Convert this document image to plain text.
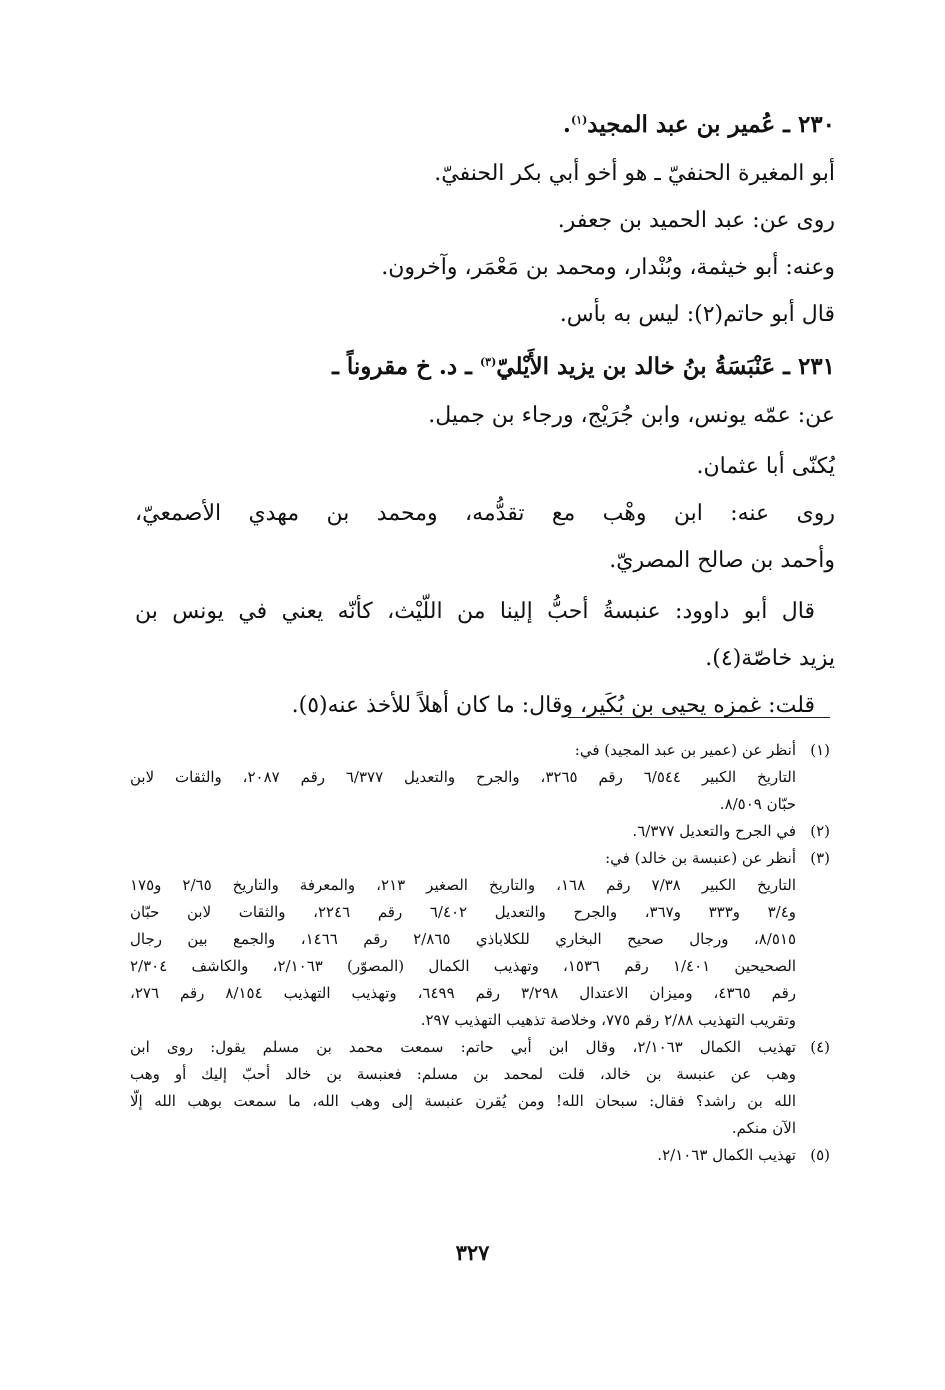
٢٣٠ ـ عُمير بن عبد المجيد$^{(١)}$.
أبو المغيرة الحنفيّ ـ هو أخو أبي بكر الحنفيّ.
روى عن: عبد الحميد بن جعفر.
وعنه: أبو خيثمة، وبُنْدار، ومحمد بن مَعْمَر، وآخرون.
قال أبو حاتم(٢): ليس به بأس.
٢٣١ ـ عَنْبَسَةُ بنُ خالد بن يزيد الأَيْليّ$^{(٣)}$ ـ د. خ مقروناً ـ
عن: عمّه يونس، وابن جُرَيْج، ورجاء بن جميل.
يُكنّى أبا عثمان.
روى عنه: ابن وهْب مع تقدُّمه، ومحمد بن مهدي الأصمعيّ،
وأحمد بن صالح المصريّ.
قال أبو داوود: عنبسةُ أحبُّ إلينا من اللّيْث، كأنّه يعني في يونس بن
يزيد خاصّة(٤).
قلت: غمزه يحيى بن بُكَير، وقال: ما كان أهلاً للأخذ عنه(٥).
(١)
أنظر عن (عمير بن عبد المجيد) في:
التاريخ الكبير ٦/٥٤٤ رقم ٣٢٦٥، والجرح والتعديل ٦/٣٧٧ رقم ٢٠٨٧، والثقات لابن
حبّان ٨/٥٠٩.
(٢)
في الجرح والتعديل ٦/٣٧٧.
(٣)
أنظر عن (عنبسة بن خالد) في:
التاريخ الكبير ٧/٣٨ رقم ١٦٨، والتاريخ الصغير ٢١٣، والمعرفة والتاريخ ٢/٦٥ و١٧٥
و٣/٤ و٣٣٣ و٣٦٧، والجرح والتعديل ٦/٤٠٢ رقم ٢٢٤٦، والثقات لابن حبّان
٨/٥١٥، ورجال صحيح البخاري للكلاباذي ٢/٨٦٥ رقم ١٤٦٦، والجمع بين رجال
الصحيحين ١/٤٠١ رقم ١٥٣٦، وتهذيب الكمال (المصوّر) ٢/١٠٦٣، والكاشف ٢/٣٠٤
رقم ٤٣٦٥، وميزان الاعتدال ٣/٢٩٨ رقم ٦٤٩٩، وتهذيب التهذيب ٨/١٥٤ رقم ٢٧٦،
وتقريب التهذيب ٢/٨٨ رقم ٧٧٥، وخلاصة تذهيب التهذيب ٢٩٧.
(٤)
تهذيب الكمال ٢/١٠٦٣، وقال ابن أبي حاتم: سمعت محمد بن مسلم يقول: روى ابن
وهب عن عنبسة بن خالد، قلت لمحمد بن مسلم: فعنبسة بن خالد أحبّ إليك أو وهب
الله بن راشد؟ فقال: سبحان الله! ومن يُقرن عنبسة إلى وهب الله، ما سمعت بوهب الله إلّا
الآن منكم.
(٥)
تهذيب الكمال ٢/١٠٦٣.
٣٢٧
